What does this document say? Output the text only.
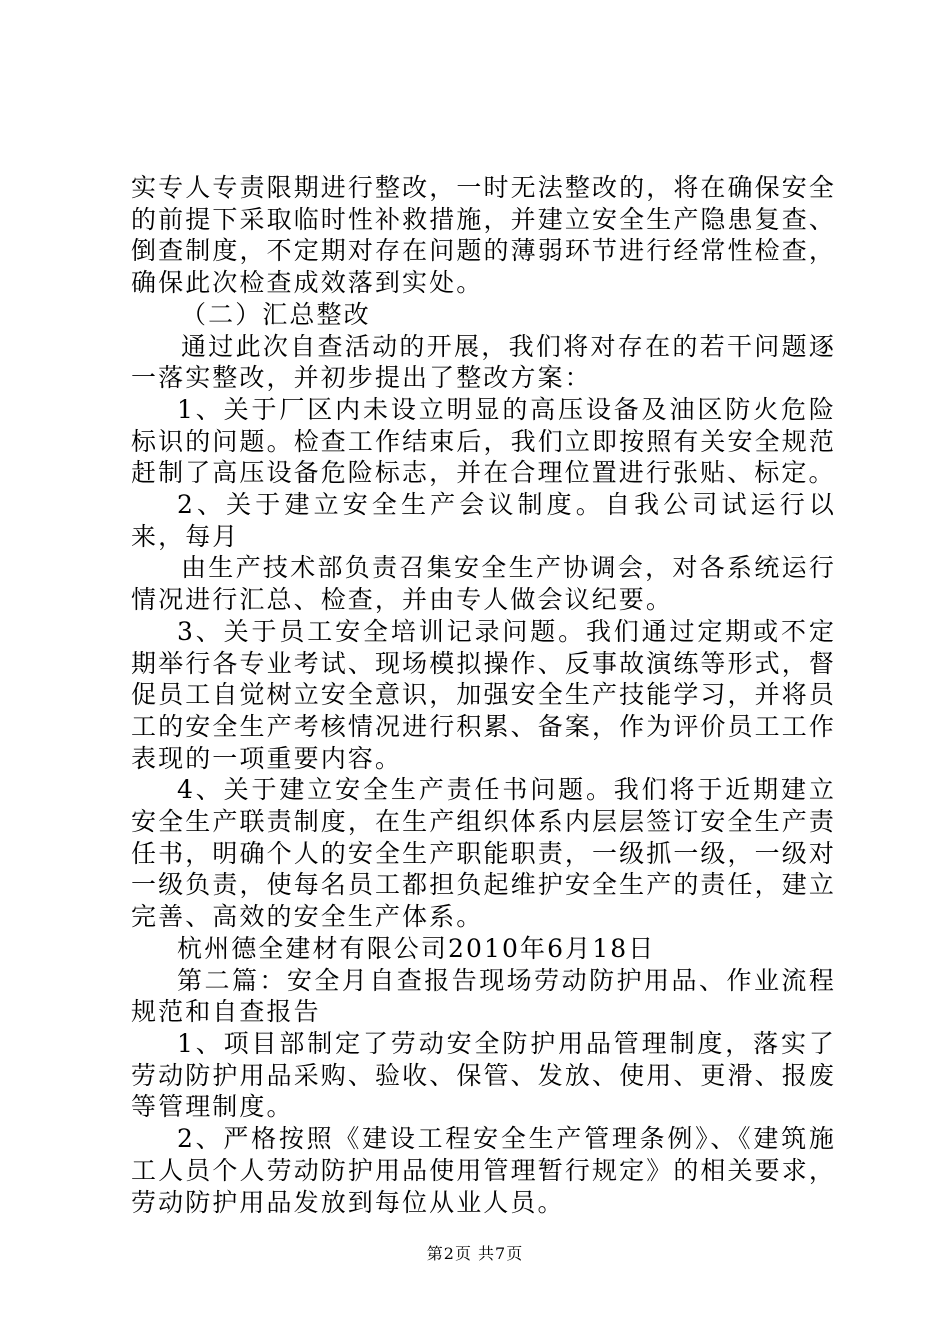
实专人专责限期进行整改，一时无法整改的，将在确保安全的前提下采取临时性补救措施，并建立安全生产隐患复查、倒查制度，不定期对存在问题的薄弱环节进行经常性检查，确保此次检查成效落到实处。

（二）汇总整改

通过此次自查活动的开展，我们将对存在的若干问题逐一落实整改，并初步提出了整改方案：

1、关于厂区内未设立明显的高压设备及油区防火危险标识的问题。检查工作结束后，我们立即按照有关安全规范赶制了高压设备危险标志，并在合理位置进行张贴、标定。

2、关于建立安全生产会议制度。自我公司试运行以来，每月

由生产技术部负责召集安全生产协调会，对各系统运行情况进行汇总、检查，并由专人做会议纪要。

3、关于员工安全培训记录问题。我们通过定期或不定期举行各专业考试、现场模拟操作、反事故演练等形式，督促员工自觉树立安全意识，加强安全生产技能学习，并将员工的安全生产考核情况进行积累、备案，作为评价员工工作表现的一项重要内容。

4、关于建立安全生产责任书问题。我们将于近期建立安全生产联责制度，在生产组织体系内层层签订安全生产责任书，明确个人的安全生产职能职责，一级抓一级，一级对一级负责，使每名员工都担负起维护安全生产的责任，建立完善、高效的安全生产体系。

杭州德全建材有限公司2010年6月18日

第二篇：安全月自查报告现场劳动防护用品、作业流程规范和自查报告

1、项目部制定了劳动安全防护用品管理制度，落实了劳动防护用品采购、验收、保管、发放、使用、更滑、报废等管理制度。

2、严格按照《建设工程安全生产管理条例》、《建筑施工人员个人劳动防护用品使用管理暂行规定》的相关要求，劳动防护用品发放到每位从业人员。

第2页 共7页
